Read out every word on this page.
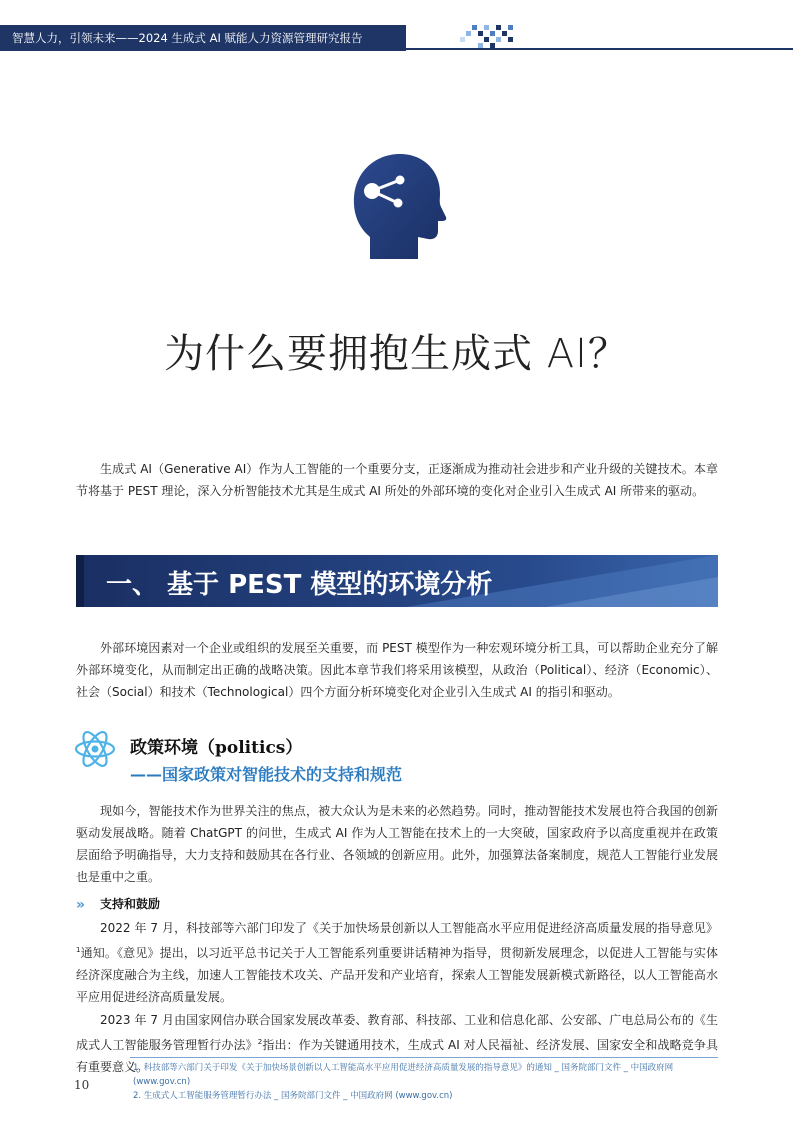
智慧人力，引领未来——2024 生成式 AI 赋能人力资源管理研究报告
为什么要拥抱生成式 AI？

生成式 AI（Generative AI）作为人工智能的一个重要分支，正逐渐成为推动社会进步和产业升级的关键技术。本章节将基于 PEST 理论，深入分析智能技术尤其是生成式 AI 所处的外部环境的变化对企业引入生成式 AI 所带来的驱动。

一、 基于 PEST 模型的环境分析

外部环境因素对一个企业或组织的发展至关重要，而 PEST 模型作为一种宏观环境分析工具，可以帮助企业充分了解外部环境变化，从而制定出正确的战略决策。因此本章节我们将采用该模型，从政治（Political）、经济（Economic）、社会（Social）和技术（Technological）四个方面分析环境变化对企业引入生成式 AI 的指引和驱动。

政策环境（politics）
——国家政策对智能技术的支持和规范

现如今，智能技术作为世界关注的焦点，被大众认为是未来的必然趋势。同时，推动智能技术发展也符合我国的创新驱动发展战略。随着 ChatGPT 的问世，生成式 AI 作为人工智能在技术上的一大突破，国家政府予以高度重视并在政策层面给予明确指导，大力支持和鼓励其在各行业、各领域的创新应用。此外，加强算法备案制度，规范人工智能行业发展也是重中之重。

» 支持和鼓励

2022 年 7 月，科技部等六部门印发了《关于加快场景创新以人工智能高水平应用促进经济高质量发展的指导意见》$^1$通知。《意见》提出，以习近平总书记关于人工智能系列重要讲话精神为指导，贯彻新发展理念，以促进人工智能与实体经济深度融合为主线，加速人工智能技术攻关、产品开发和产业培育，探索人工智能发展新模式新路径，以人工智能高水平应用促进经济高质量发展。

2023 年 7 月由国家网信办联合国家发展改革委、教育部、科技部、工业和信息化部、公安部、广电总局公布的《生成式人工智能服务管理暂行办法》$^2$指出：作为关键通用技术，生成式 AI 对人民福祉、经济发展、国家安全和战略竞争具有重要意义。

1. 科技部等六部门关于印发《关于加快场景创新以人工智能高水平应用促进经济高质量发展的指导意见》的通知 _ 国务院部门文件 _ 中国政府网 (www.gov.cn)
2. 生成式人工智能服务管理暂行办法 _ 国务院部门文件 _ 中国政府网 (www.gov.cn)
10
